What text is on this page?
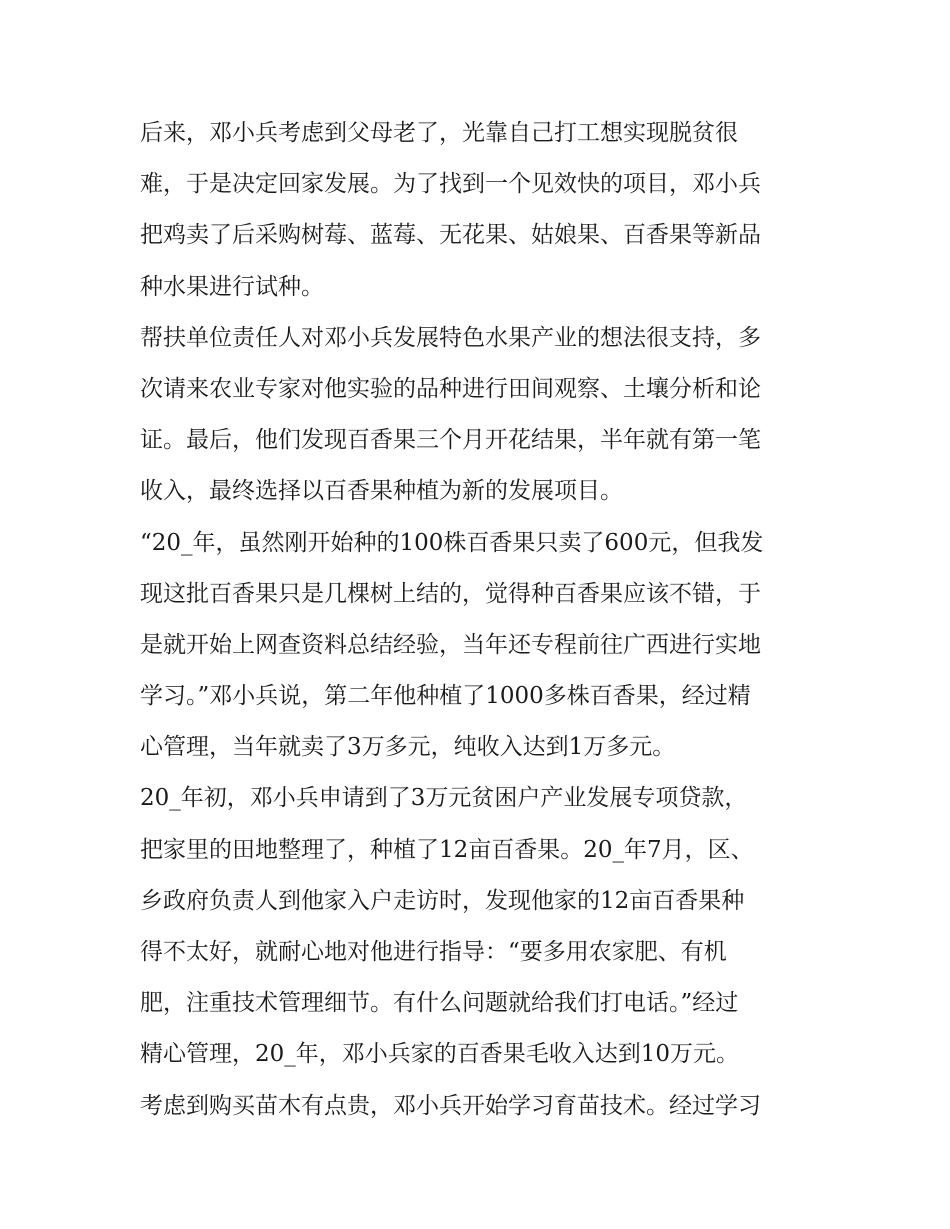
后来，邓小兵考虑到父母老了，光靠自己打工想实现脱贫很
难，于是决定回家发展。为了找到一个见效快的项目，邓小兵
把鸡卖了后采购树莓、蓝莓、无花果、姑娘果、百香果等新品
种水果进行试种。
帮扶单位责任人对邓小兵发展特色水果产业的想法很支持，多
次请来农业专家对他实验的品种进行田间观察、土壤分析和论
证。最后，他们发现百香果三个月开花结果，半年就有第一笔
收入，最终选择以百香果种植为新的发展项目。
“20_年，虽然刚开始种的100株百香果只卖了600元，但我发
现这批百香果只是几棵树上结的，觉得种百香果应该不错，于
是就开始上网查资料总结经验，当年还专程前往广西进行实地
学习。”邓小兵说，第二年他种植了1000多株百香果，经过精
心管理，当年就卖了3万多元，纯收入达到1万多元。
20_年初，邓小兵申请到了3万元贫困户产业发展专项贷款，
把家里的田地整理了，种植了12亩百香果。20_年7月，区、
乡政府负责人到他家入户走访时，发现他家的12亩百香果种
得不太好，就耐心地对他进行指导：“要多用农家肥、有机
肥，注重技术管理细节。有什么问题就给我们打电话。”经过
精心管理，20_年，邓小兵家的百香果毛收入达到10万元。
考虑到购买苗木有点贵，邓小兵开始学习育苗技术。经过学习
